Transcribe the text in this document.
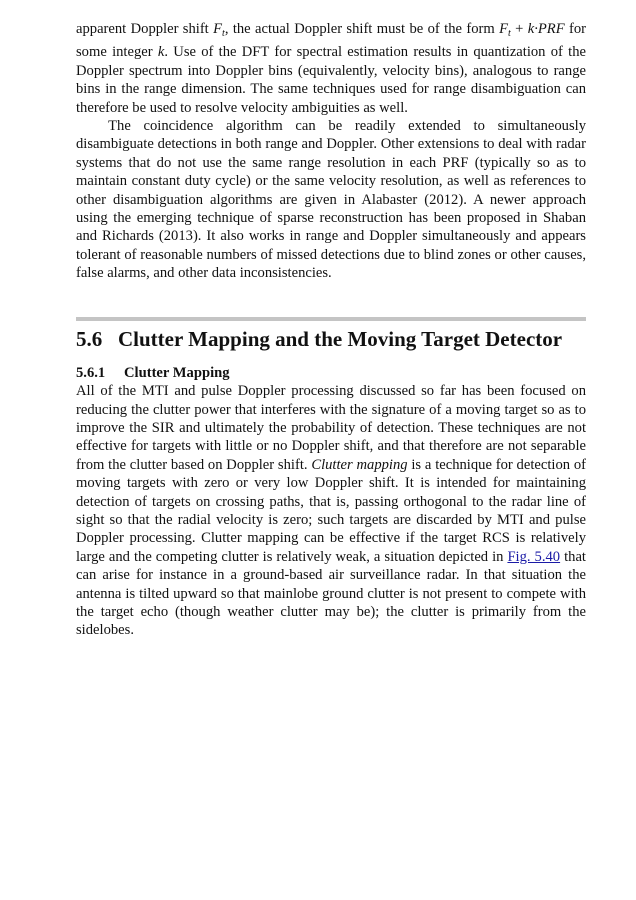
apparent Doppler shift $F_t$, the actual Doppler shift must be of the form $F_t + k\cdot PRF$ for some integer k. Use of the DFT for spectral estimation results in quantization of the Doppler spectrum into Doppler bins (equivalently, velocity bins), analogous to range bins in the range dimension. The same techniques used for range disambiguation can therefore be used to resolve velocity ambiguities as well.

The coincidence algorithm can be readily extended to simultaneously disambiguate detections in both range and Doppler. Other extensions to deal with radar systems that do not use the same range resolution in each PRF (typically so as to maintain constant duty cycle) or the same velocity resolution, as well as references to other disambiguation algorithms are given in Alabaster (2012). A newer approach using the emerging technique of sparse reconstruction has been proposed in Shaban and Richards (2013). It also works in range and Doppler simultaneously and appears tolerant of reasonable numbers of missed detections due to blind zones or other causes, false alarms, and other data inconsistencies.

5.6 Clutter Mapping and the Moving Target Detector
5.6.1 Clutter Mapping

All of the MTI and pulse Doppler processing discussed so far has been focused on reducing the clutter power that interferes with the signature of a moving target so as to improve the SIR and ultimately the probability of detection. These techniques are not effective for targets with little or no Doppler shift, and that therefore are not separable from the clutter based on Doppler shift. Clutter mapping is a technique for detection of moving targets with zero or very low Doppler shift. It is intended for maintaining detection of targets on crossing paths, that is, passing orthogonal to the radar line of sight so that the radial velocity is zero; such targets are discarded by MTI and pulse Doppler processing. Clutter mapping can be effective if the target RCS is relatively large and the competing clutter is relatively weak, a situation depicted in Fig. 5.40 that can arise for instance in a ground-based air surveillance radar. In that situation the antenna is tilted upward so that mainlobe ground clutter is not present to compete with the target echo (though weather clutter may be); the clutter is primarily from the sidelobes.
